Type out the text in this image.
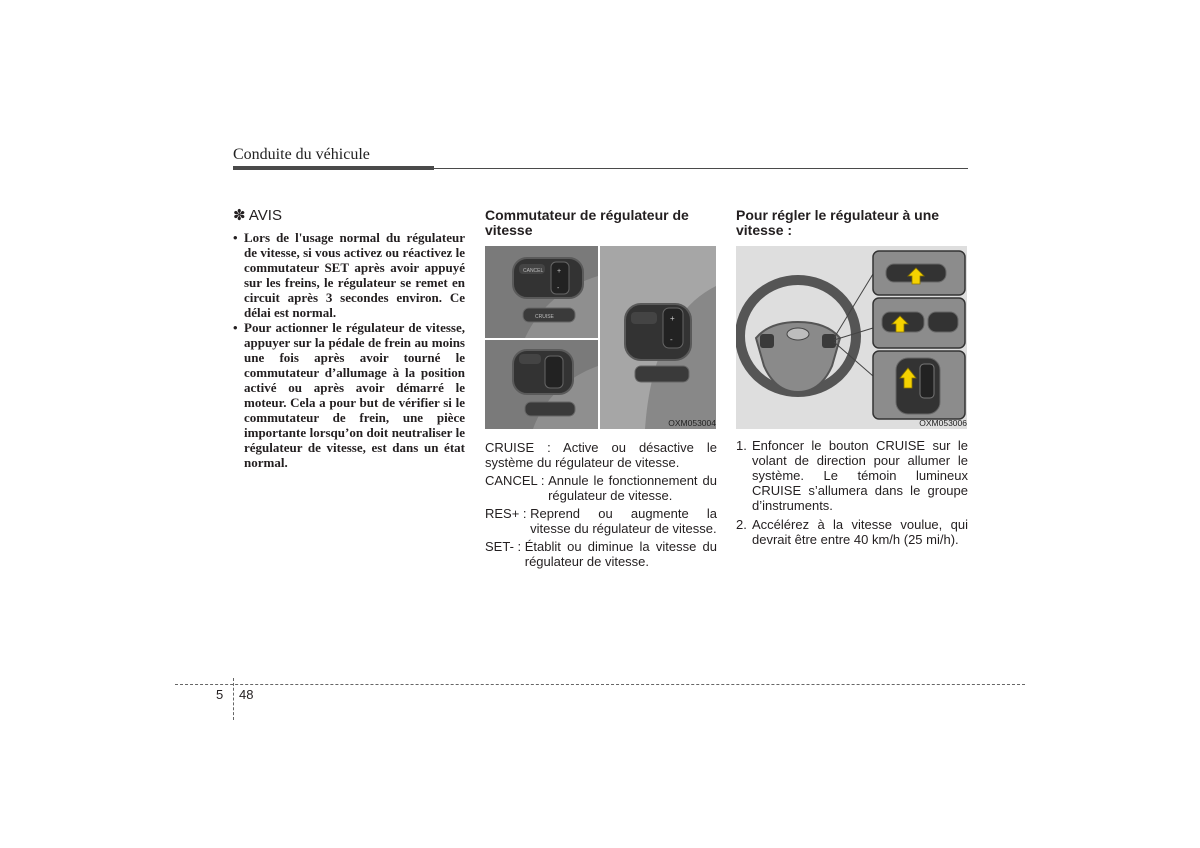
Conduite du véhicule
✽ AVIS
• Lors de l'usage normal du régulateur de vitesse, si vous activez ou réactivez le commutateur SET après avoir appuyé sur les freins, le régulateur se remet en circuit après 3 secondes environ. Ce délai est normal.
• Pour actionner le régulateur de vitesse, appuyer sur la pédale de frein au moins une fois après avoir tourné le commutateur d’allumage à la position activé ou après avoir démarré le moteur. Cela a pour but de vérifier si le commutateur de frein, une pièce importante lorsqu’on doit neutraliser le régulateur de vitesse, est dans un état normal.

Commutateur de régulateur de vitesse

CANCEL +
-
CRUISE	+
-
OXM053004
CRUISE : Active ou désactive le système du régulateur de vitesse.
CANCEL : Annule le fonctionnement du régulateur de vitesse.
RES+ : Reprend ou augmente la vitesse du régulateur de vitesse.
SET- : Établit ou diminue la vitesse du régulateur de vitesse.

Pour régler le régulateur à une vitesse :

OXM053006
1. Enfoncer le bouton CRUISE sur le volant de direction pour allumer le système. Le témoin lumineux CRUISE s’allumera dans le groupe d’instruments.
2. Accélérez à la vitesse voulue, qui devrait être entre 40 km/h (25 mi/h).
5 48
